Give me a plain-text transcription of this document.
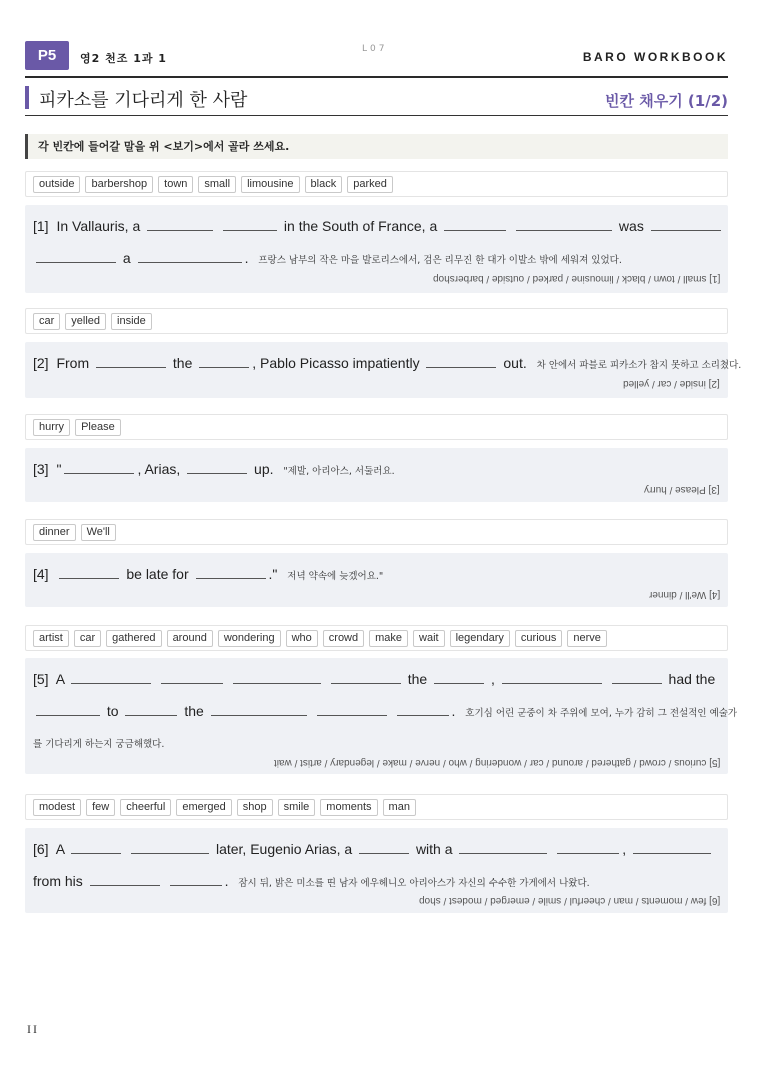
P5	영2 천조 1과 1
L07
BARO WORKBOOK
피카소를 기다리게 한 사람	빈칸 채우기 (1/2)
각 빈칸에 들어갈 말을 위 <보기>에서 골라 쓰세요.
outside barbershop town small limousine black parked
[1] In Vallauris, a	in the South of France, a	was
a	. 프랑스 남부의 작은 마을 발로리스에서, 검은 리무진 한 대가 이발소 밖에 세워져 있었다.
[1] small / town / black / limousine / parked / outside / barbershop
car yelled inside
[2] From	the	, Pablo Picasso impatiently	out. 차 안에서 파블로 피카소가 참지 못하고 소리쳤다.
[2] inside / car / yelled
hurry Please
[3] "	, Arias,	up. "제발, 아리아스, 서둘러요.
[3] Please / hurry
dinner We'll
[4]	be late for	." 저녁 약속에 늦겠어요."
[4] We'll / dinner
artist car gathered around wondering who crowd make wait legendary curious nerve
[5] A	the	,	had the
to	the	. 호기심 어린 군중이 차 주위에 모여, 누가 감히 그 전설적인 예술가
를 기다리게 하는지 궁금해했다.
[5] curious / crowd / gathered / around / car / wondering / who / nerve / make / legendary / artist / wait
modest few cheerful emerged shop smile moments man
[6] A	later, Eugenio Arias, a	with a	,
from his	. 잠시 뒤, 밝은 미소를 띤 남자 에우헤니오 아리아스가 자신의 수수한 가게에서 나왔다.
[6] few / moments / man / cheerful / smile / emerged / modest / shop
II
